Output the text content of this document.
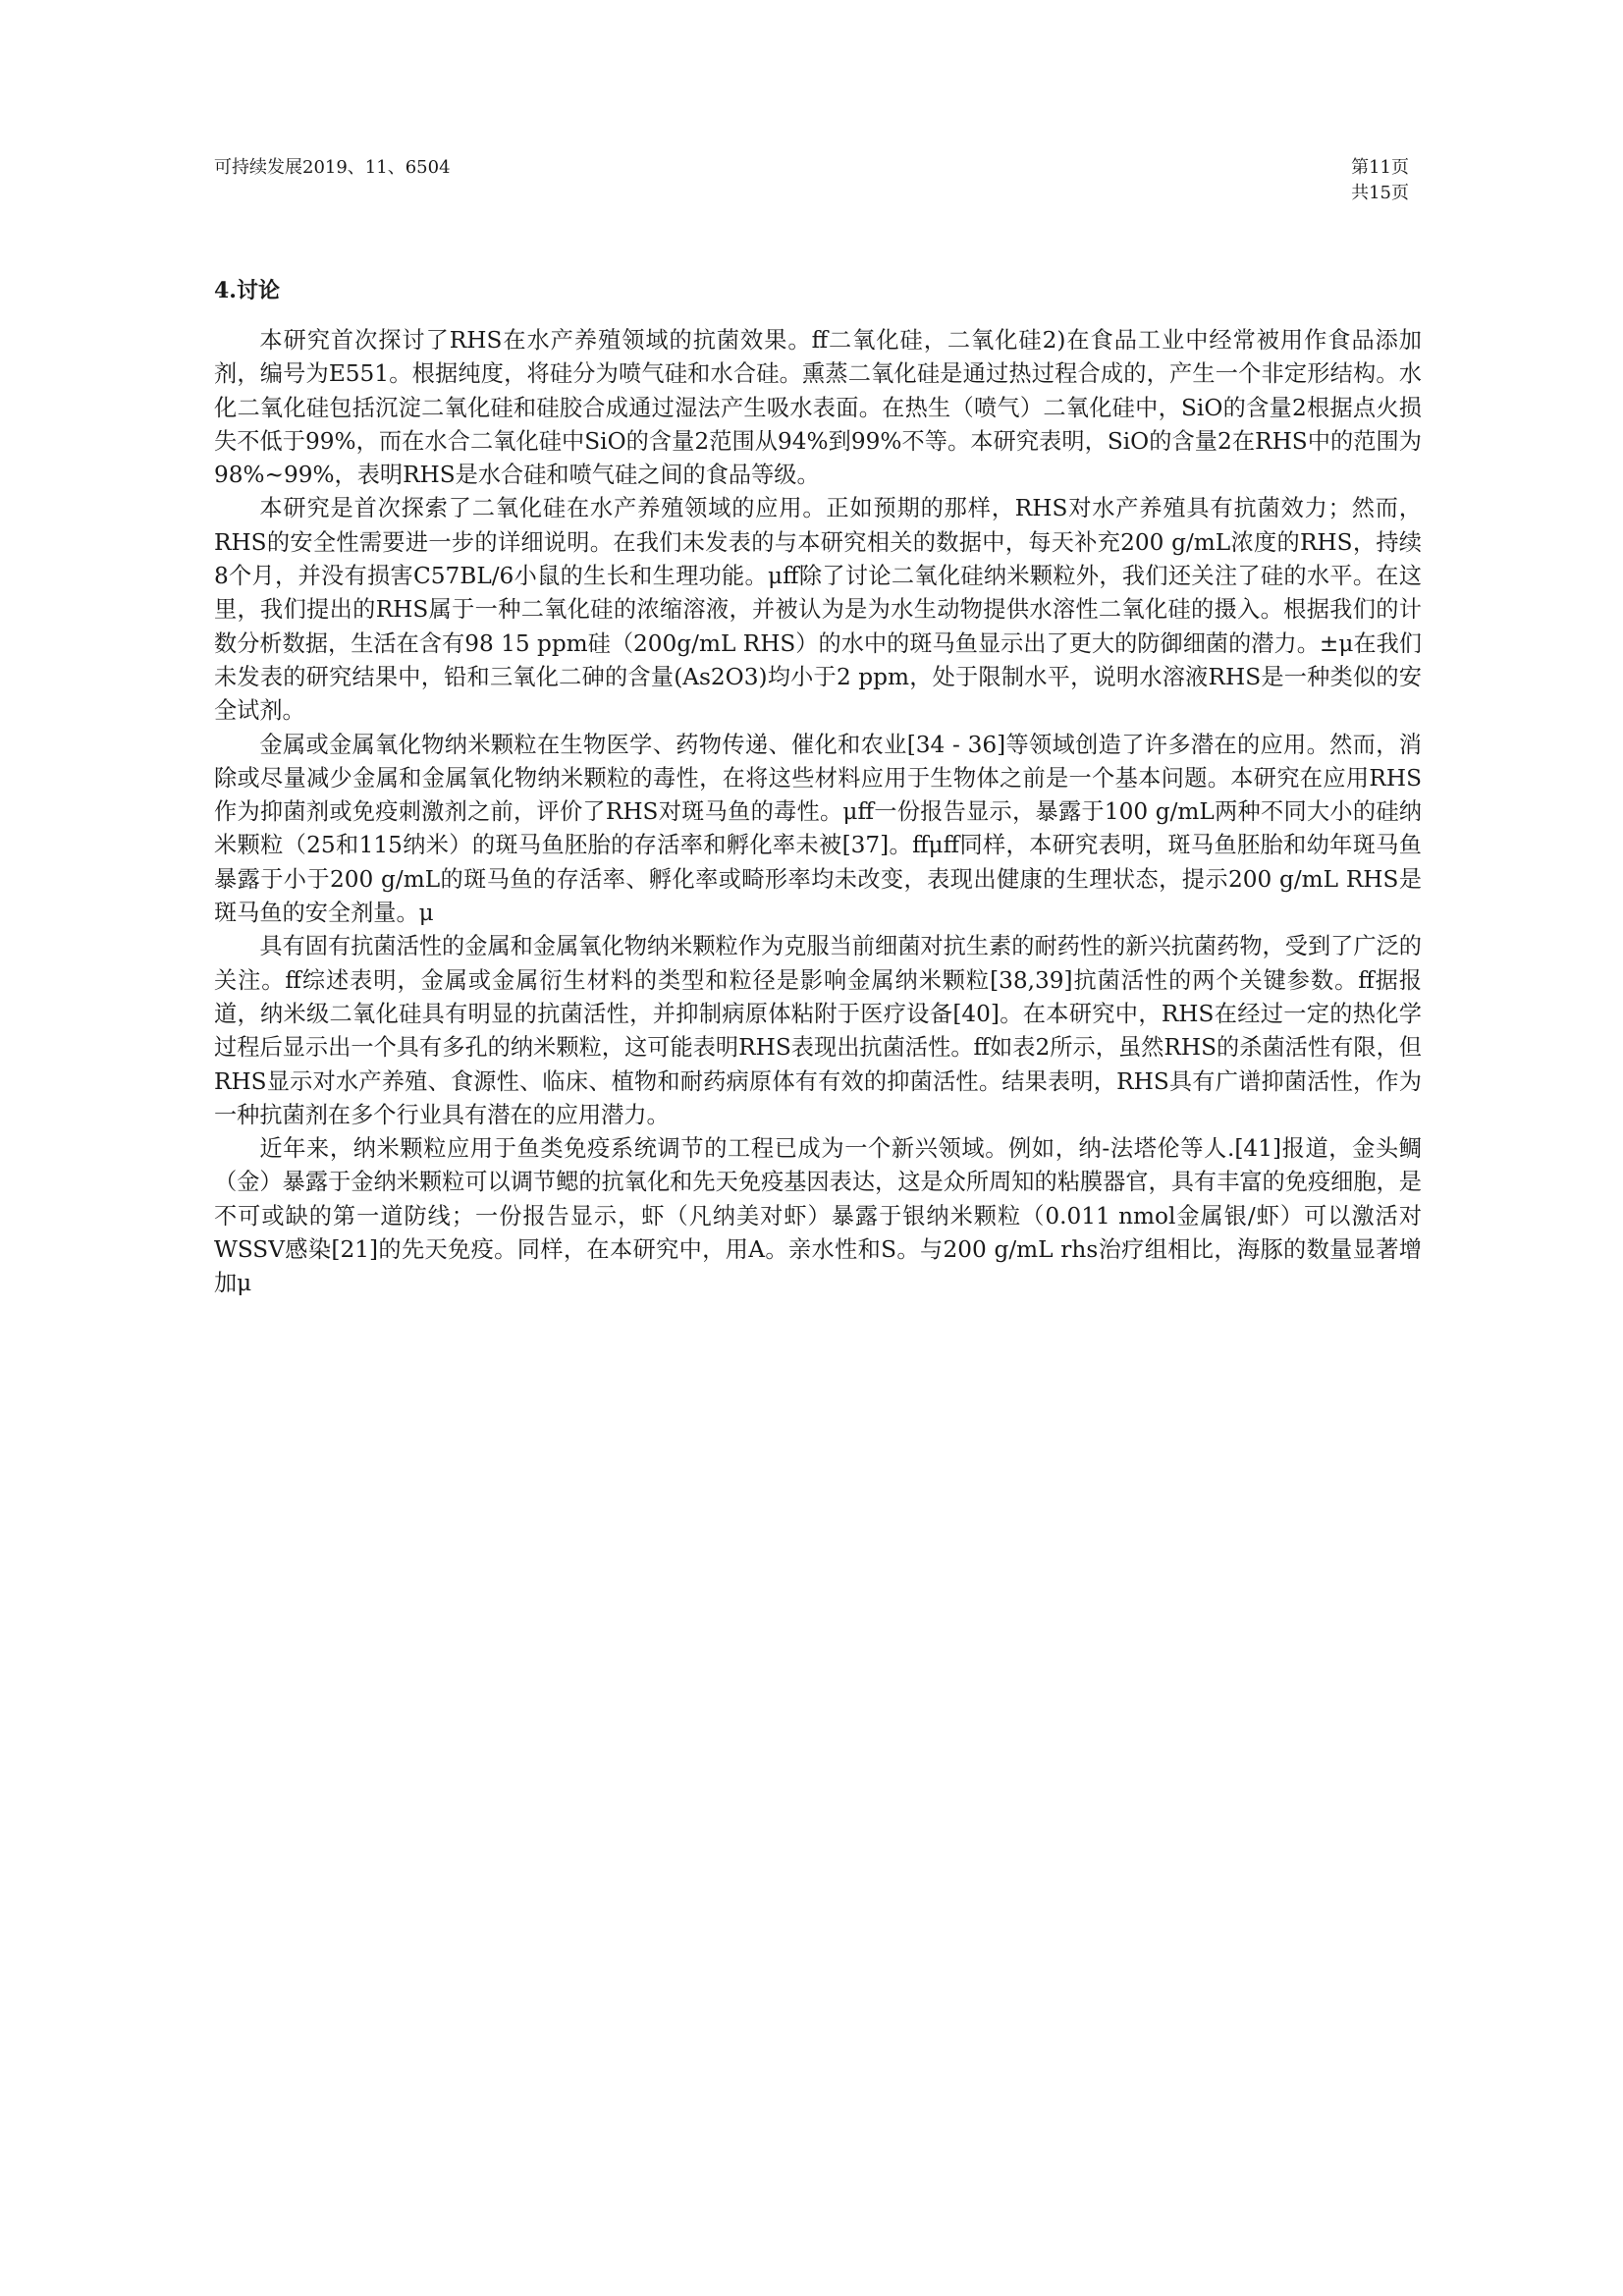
可持续发展2019、11、6504	第11页
共15页
4.讨论

本研究首次探讨了RHS在水产养殖领域的抗菌效果。ff二氧化硅，二氧化硅2)在食品工业中经常被用作食品添加剂，编号为E551。根据纯度，将硅分为喷气硅和水合硅。熏蒸二氧化硅是通过热过程合成的，产生一个非定形结构。水化二氧化硅包括沉淀二氧化硅和硅胶合成通过湿法产生吸水表面。在热生（喷气）二氧化硅中，SiO的含量2根据点火损失不低于99%，而在水合二氧化硅中SiO的含量2范围从94%到99%不等。本研究表明，SiO的含量2在RHS中的范围为98%~99%，表明RHS是水合硅和喷气硅之间的食品等级。

本研究是首次探索了二氧化硅在水产养殖领域的应用。正如预期的那样，RHS对水产养殖具有抗菌效力；然而，RHS的安全性需要进一步的详细说明。在我们未发表的与本研究相关的数据中，每天补充200 g/mL浓度的RHS，持续8个月，并没有损害C57BL/6小鼠的生长和生理功能。μff除了讨论二氧化硅纳米颗粒外，我们还关注了硅的水平。在这里，我们提出的RHS属于一种二氧化硅的浓缩溶液，并被认为是为水生动物提供水溶性二氧化硅的摄入。根据我们的计数分析数据，生活在含有98 15 ppm硅（200g/mL RHS）的水中的斑马鱼显示出了更大的防御细菌的潜力。±μ在我们未发表的研究结果中，铅和三氧化二砷的含量(As2O3)均小于2 ppm，处于限制水平，说明水溶液RHS是一种类似的安全试剂。

金属或金属氧化物纳米颗粒在生物医学、药物传递、催化和农业[34 - 36]等领域创造了许多潜在的应用。然而，消除或尽量减少金属和金属氧化物纳米颗粒的毒性，在将这些材料应用于生物体之前是一个基本问题。本研究在应用RHS作为抑菌剂或免疫刺激剂之前，评价了RHS对斑马鱼的毒性。μff一份报告显示，暴露于100 g/mL两种不同大小的硅纳米颗粒（25和115纳米）的斑马鱼胚胎的存活率和孵化率未被[37]。ffμff同样，本研究表明，斑马鱼胚胎和幼年斑马鱼暴露于小于200 g/mL的斑马鱼的存活率、孵化率或畸形率均未改变，表现出健康的生理状态，提示200 g/mL RHS是斑马鱼的安全剂量。μ

具有固有抗菌活性的金属和金属氧化物纳米颗粒作为克服当前细菌对抗生素的耐药性的新兴抗菌药物，受到了广泛的关注。ff综述表明，金属或金属衍生材料的类型和粒径是影响金属纳米颗粒[38,39]抗菌活性的两个关键参数。ff据报道，纳米级二氧化硅具有明显的抗菌活性，并抑制病原体粘附于医疗设备[40]。在本研究中，RHS在经过一定的热化学过程后显示出一个具有多孔的纳米颗粒，这可能表明RHS表现出抗菌活性。ff如表2所示，虽然RHS的杀菌活性有限，但RHS显示对水产养殖、食源性、临床、植物和耐药病原体有有效的抑菌活性。结果表明，RHS具有广谱抑菌活性，作为一种抗菌剂在多个行业具有潜在的应用潜力。

近年来，纳米颗粒应用于鱼类免疫系统调节的工程已成为一个新兴领域。例如，纳-法塔伦等人.[41]报道，金头鲷（金）暴露于金纳米颗粒可以调节鳃的抗氧化和先天免疫基因表达，这是众所周知的粘膜器官，具有丰富的免疫细胞，是不可或缺的第一道防线；一份报告显示，虾（凡纳美对虾）暴露于银纳米颗粒（0.011 nmol金属银/虾）可以激活对WSSV感染[21]的先天免疫。同样，在本研究中，用A。亲水性和S。与200 g/mL rhs治疗组相比，海豚的数量显著增加μ
